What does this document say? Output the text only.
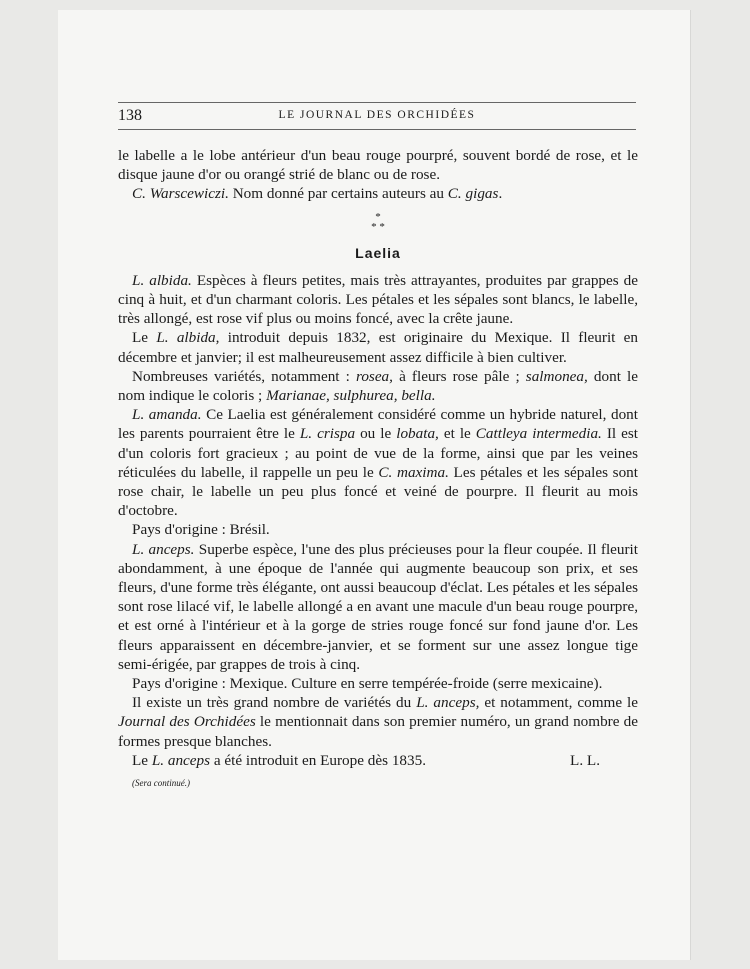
138	LE JOURNAL DES ORCHIDÉES

le labelle a le lobe antérieur d'un beau rouge pourpré, souvent bordé de rose, et le disque jaune d'or ou orangé strié de blanc ou de rose.

C. Warscewiczi. Nom donné par certains auteurs au C. gigas.

*
* *
Laelia

L. albida. Espèces à fleurs petites, mais très attrayantes, produites par grappes de cinq à huit, et d'un charmant coloris. Les pétales et les sépales sont blancs, le labelle, très allongé, est rose vif plus ou moins foncé, avec la crête jaune.

Le L. albida, introduit depuis 1832, est originaire du Mexique. Il fleurit en décembre et janvier; il est malheureusement assez difficile à bien cultiver.

Nombreuses variétés, notamment : rosea, à fleurs rose pâle ; salmonea, dont le nom indique le coloris ; Marianae, sulphurea, bella.

L. amanda. Ce Laelia est généralement considéré comme un hybride naturel, dont les parents pourraient être le L. crispa ou le lobata, et le Cattleya intermedia. Il est d'un coloris fort gracieux ; au point de vue de la forme, ainsi que par les veines réticulées du labelle, il rappelle un peu le C. maxima. Les pétales et les sépales sont rose chair, le labelle un peu plus foncé et veiné de pourpre. Il fleurit au mois d'octobre.

Pays d'origine : Brésil.

L. anceps. Superbe espèce, l'une des plus précieuses pour la fleur coupée. Il fleurit abondamment, à une époque de l'année qui augmente beaucoup son prix, et ses fleurs, d'une forme très élégante, ont aussi beaucoup d'éclat. Les pétales et les sépales sont rose lilacé vif, le labelle allongé a en avant une macule d'un beau rouge pourpre, et est orné à l'intérieur et à la gorge de stries rouge foncé sur fond jaune d'or. Les fleurs apparaissent en décembre-janvier, et se forment sur une assez longue tige semi-érigée, par grappes de trois à cinq.

Pays d'origine : Mexique. Culture en serre tempérée-froide (serre mexicaine).

Il existe un très grand nombre de variétés du L. anceps, et notamment, comme le Journal des Orchidées le mentionnait dans son premier numéro, un grand nombre de formes presque blanches.

Le L. anceps a été introduit en Europe dès 1835.	L. L.
(Sera continué.)
